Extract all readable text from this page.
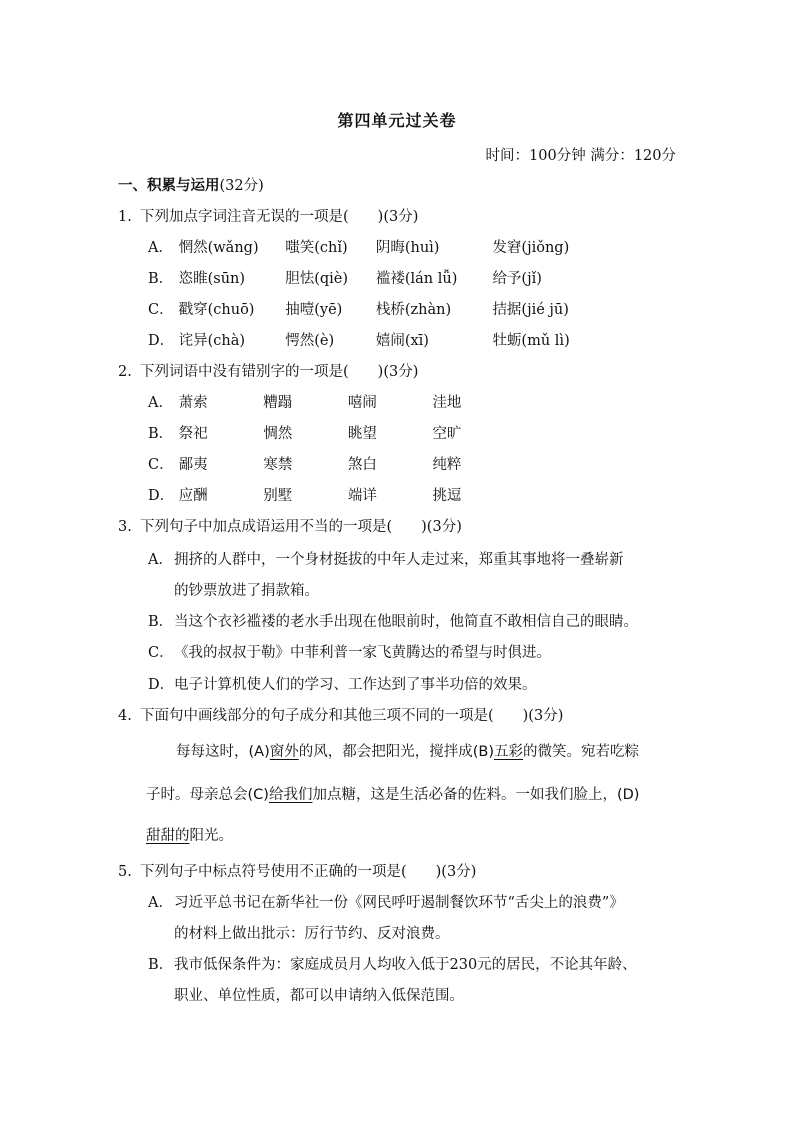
第四单元过关卷
时间：100分钟 满分：120分
一、积累与运用(32分)
1. 下列加点字词注音无误的一项是(　　)(3分)
A． 惘然(wǎng) 嗤笑(chǐ) 阴晦(huì)	发窘(jiǒng)
B． 恣睢(sūn)	胆怯(qiè) 褴褛(lán lǚ) 给予(jǐ)
C． 戳穿(chuō) 抽噎(yē) 栈桥(zhàn)	拮据(jié jū)
D． 诧异(chà)	愕然(è)	嬉闹(xī)	牡蛎(mǔ lì)
2. 下列词语中没有错别字的一项是(　　)(3分)
A． 萧索	糟蹋	嘻闹	洼地
B． 祭祀	惆然	眺望	空旷
C． 鄙夷	寒禁	煞白	纯粹
D． 应酬	别墅	端详	挑逗
3. 下列句子中加点成语运用不当的一项是(　　)(3分)
A．拥挤的人群中，一个身材挺拔的中年人走过来，郑重其事地将一叠崭新
的钞票放进了捐款箱。
B．当这个衣衫褴褛的老水手出现在他眼前时，他简直不敢相信自己的眼睛。
C．《我的叔叔于勒》中菲利普一家飞黄腾达的希望与时俱进。
D．电子计算机使人们的学习、工作达到了事半功倍的效果。
4. 下面句中画线部分的句子成分和其他三项不同的一项是(　　)(3分)
每每这时，(A)窗外的风，都会把阳光，搅拌成(B)五彩的微笑。宛若吃粽
子时。母亲总会(C)给我们加点糖，这是生活必备的佐料。一如我们脸上，(D)
甜甜的阳光。
5. 下列句子中标点符号使用不正确的一项是(　　)(3分)
A．习近平总书记在新华社一份《网民呼吁遏制餐饮环节“舌尖上的浪费”》
的材料上做出批示：厉行节约、反对浪费。
B．我市低保条件为：家庭成员月人均收入低于230元的居民，不论其年龄、
职业、单位性质，都可以申请纳入低保范围。
